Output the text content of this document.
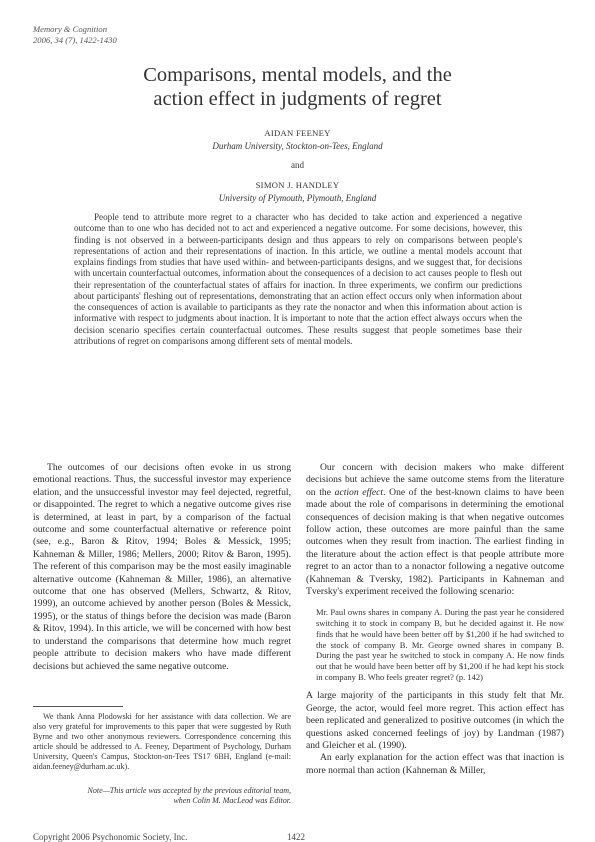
Memory & Cognition
2006, 34 (7), 1422-1430
Comparisons, mental models, and the
action effect in judgments of regret
AIDAN FEENEY
Durham University, Stockton-on-Tees, England
and
SIMON J. HANDLEY
University of Plymouth, Plymouth, England
People tend to attribute more regret to a character who has decided to take action and experienced a negative outcome than to one who has decided not to act and experienced a negative outcome. For some decisions, however, this finding is not observed in a between-participants design and thus appears to rely on comparisons between people's representations of action and their representations of inaction. In this article, we outline a mental models account that explains findings from studies that have used within- and between-participants designs, and we suggest that, for decisions with uncertain counterfactual outcomes, information about the consequences of a decision to act causes people to flesh out their representation of the counterfactual states of affairs for inaction. In three experiments, we confirm our predictions about participants' fleshing out of representations, demonstrating that an action effect occurs only when information about the consequences of action is available to participants as they rate the nonactor and when this information about action is informative with respect to judgments about inaction. It is important to note that the action effect always occurs when the decision scenario specifies certain counterfactual outcomes. These results suggest that people sometimes base their attributions of regret on comparisons among different sets of mental models.

The outcomes of our decisions often evoke in us strong emotional reactions. Thus, the successful investor may experience elation, and the unsuccessful investor may feel dejected, regretful, or disappointed. The regret to which a negative outcome gives rise is determined, at least in part, by a comparison of the factual outcome and some counterfactual alternative or reference point (see, e.g., Baron & Ritov, 1994; Boles & Messick, 1995; Kahneman & Miller, 1986; Mellers, 2000; Ritov & Baron, 1995). The referent of this comparison may be the most easily imaginable alternative outcome (Kahneman & Miller, 1986), an alternative outcome that one has observed (Mellers, Schwartz, & Ritov, 1999), an outcome achieved by another person (Boles & Messick, 1995), or the status of things before the decision was made (Baron & Ritov, 1994). In this article, we will be concerned with how best to understand the comparisons that determine how much regret people attribute to decision makers who have made different decisions but achieved the same negative outcome.

We thank Anna Plodowski for her assistance with data collection. We are also very grateful for improvements to this paper that were suggested by Ruth Byrne and two other anonymous reviewers. Correspondence concerning this article should be addressed to A. Feeney, Department of Psychology, Durham University, Queen's Campus, Stockton-on-Tees TS17 6BH, England (e-mail: aidan.feeney@durham.ac.uk).

Note—This article was accepted by the previous editorial team,
when Colin M. MacLeod was Editor.

Our concern with decision makers who make different decisions but achieve the same outcome stems from the literature on the action effect. One of the best-known claims to have been made about the role of comparisons in determining the emotional consequences of decision making is that when negative outcomes follow action, these outcomes are more painful than the same outcomes when they result from inaction. The earliest finding in the literature about the action effect is that people attribute more regret to an actor than to a nonactor following a negative outcome (Kahneman & Tversky, 1982). Participants in Kahneman and Tversky's experiment received the following scenario:

Mr. Paul owns shares in company A. During the past year he considered switching it to stock in company B, but he decided against it. He now finds that he would have been better off by $1,200 if he had switched to the stock of company B. Mr. George owned shares in company B. During the past year he switched to stock in company A. He now finds out that he would have been better off by $1,200 if he had kept his stock in company B. Who feels greater regret? (p. 142)

A large majority of the participants in this study felt that Mr. George, the actor, would feel more regret. This action effect has been replicated and generalized to positive outcomes (in which the questions asked concerned feelings of joy) by Landman (1987) and Gleicher et al. (1990).

An early explanation for the action effect was that inaction is more normal than action (Kahneman & Miller,

Copyright 2006 Psychonomic Society, Inc.	1422
